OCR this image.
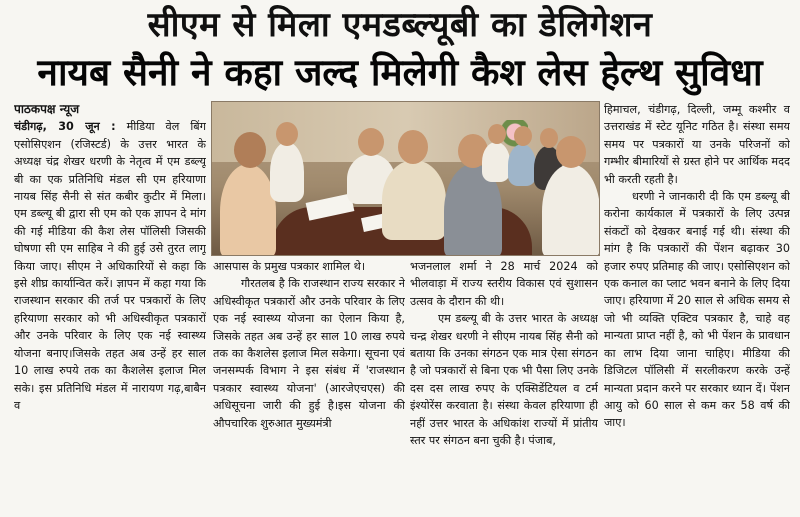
सीएम से मिला एमडब्ल्यूबी का डेलिगेशन
नायब सैनी ने कहा जल्द मिलेगी कैश लेस हेल्थ सुविधा

पाठकपक्ष न्यूज

चंडीगढ़, 30 जून : मीडिया वेल बिंग एसोसिएशन (रजिस्टर्ड) के उत्तर भारत के अध्यक्ष चंद्र शेखर धरणी के नेतृत्व में एम डब्ल्यू बी का एक प्रतिनिधि मंडल सी एम हरियाणा नायब सिंह सैनी से संत कबीर कुटीर में मिला।एम डब्ल्यू बी द्वारा सी एम को एक ज्ञापन दे मांग की गई मीडिया की कैश लेस पॉलिसी जिसकी घोषणा सी एम साहिब ने की हुई उसे तुरत लागू किया जाए। सीएम ने अधिकारियों से कहा कि इसे शीघ्र कार्यान्वित करें। ज्ञापन में कहा गया कि राजस्थान सरकार की तर्ज पर पत्रकारों के लिए हरियाणा सरकार को भी अधिस्वीकृत पत्रकारों और उनके परिवार के लिए एक नई स्वास्थ्य योजना बनाए।जिसके तहत अब उन्हें हर साल 10 लाख रुपये तक का कैशलेस इलाज मिल सके। इस प्रतिनिधि मंडल में नारायण गढ़,बाबैन व

आसपास के प्रमुख पत्रकार शामिल थे।

गौरतलब है कि राजस्थान राज्य सरकार ने अधिस्वीकृत पत्रकारों और उनके परिवार के लिए एक नई स्वास्थ्य योजना का ऐलान किया है, जिसके तहत अब उन्हें हर साल 10 लाख रुपये तक का कैशलेस इलाज मिल सकेगा। सूचना एवं जनसम्पर्क विभाग ने इस संबंध में 'राजस्थान पत्रकार स्वास्थ्य योजना' (आरजेएचएस) की अधिसूचना जारी की हुई है।इस योजना की औपचारिक शुरुआत मुख्यमंत्री

भजनलाल शर्मा ने 28 मार्च 2024 को भीलवाड़ा में राज्य स्तरीय विकास एवं सुशासन उत्सव के दौरान की थी।

एम डब्ल्यू बी के उत्तर भारत के अध्यक्ष चन्द्र शेखर धरणी ने सीएम नायब सिंह सैनी को बताया कि उनका संगठन एक मात्र ऐसा संगठन है जो पत्रकारों से बिना एक भी पैसा लिए उनके दस दस लाख रुपए के एक्सिडेंटियल व टर्म इंश्योरेंस करवाता है। संस्था केवल हरियाणा ही नहीं उत्तर भारत के अधिकांश राज्यों में प्रांतीय स्तर पर संगठन बना चुकी है। पंजाब,

हिमाचल, चंडीगढ़, दिल्ली, जम्मू कश्मीर व उत्तराखंड में स्टेट यूनिट गठित है। संस्था समय समय पर पत्रकारों या उनके परिजनों को गम्भीर बीमारियों से ग्रस्त होने पर आर्थिक मदद भी करती रहती है।

धरणी ने जानकारी दी कि एम डब्ल्यू बी करोना कार्यकाल में पत्रकारों के लिए उत्पन्न संकटों को देखकर बनाई गई थी। संस्था की मांग है कि पत्रकारों की पेंशन बढ़ाकर 30 हजार रुपए प्रतिमाह की जाए। एसोसिएशन को एक कनाल का प्लाट भवन बनाने के लिए दिया जाए। हरियाणा में 20 साल से अधिक समय से जो भी व्यक्ति एक्टिव पत्रकार है, चाहे वह मान्यता प्राप्त नहीं है, को भी पेंशन के प्रावधान का लाभ दिया जाना चाहिए। मीडिया की डिजिटल पॉलिसी में सरलीकरण करके उन्हें मान्यता प्रदान करने पर सरकार ध्यान दें। पेंशन आयु को 60 साल से कम कर 58 वर्ष की जाए।
